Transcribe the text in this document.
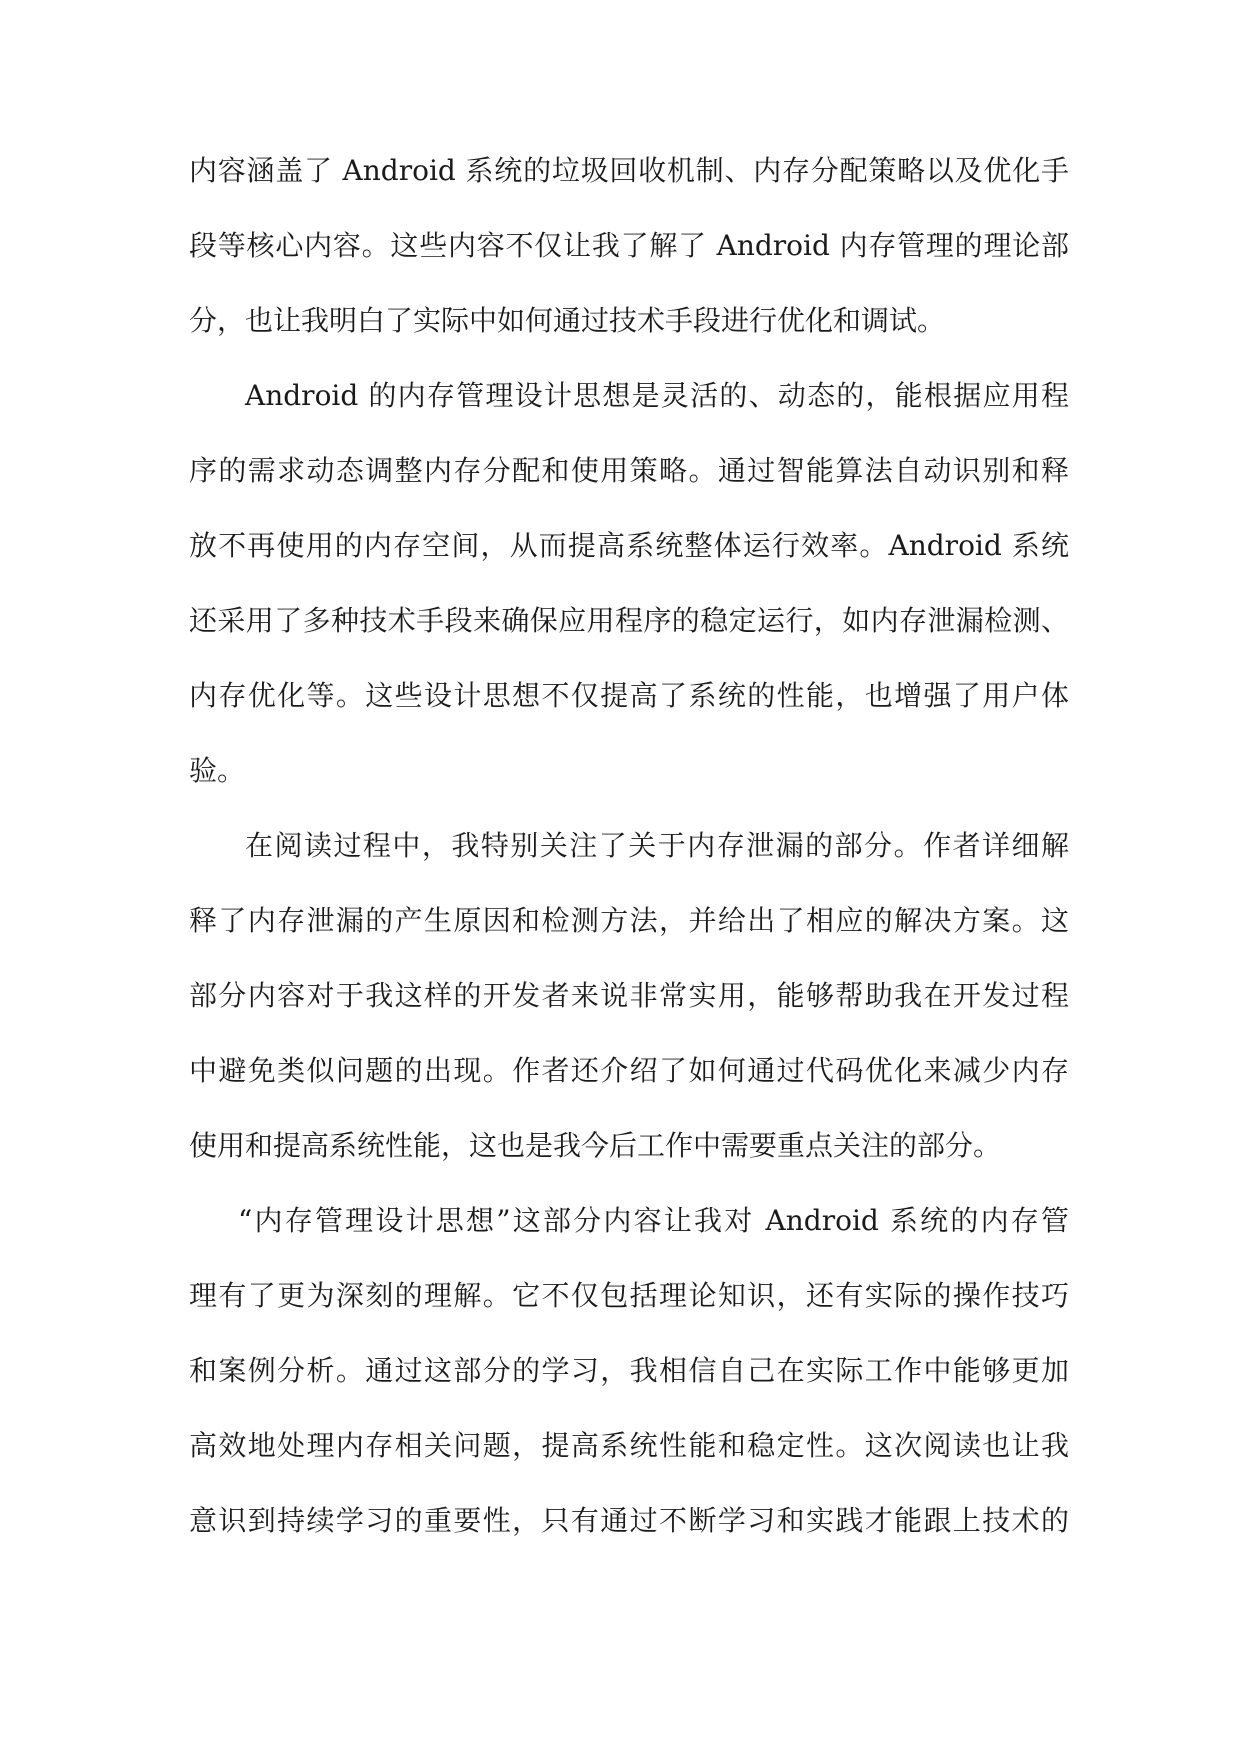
内容涵盖了 Android 系统的垃圾回收机制、内存分配策略以及优化手
段等核心内容。这些内容不仅让我了解了 Android 内存管理的理论部
分，也让我明白了实际中如何通过技术手段进行优化和调试。
Android 的内存管理设计思想是灵活的、动态的，能根据应用程
序的需求动态调整内存分配和使用策略。通过智能算法自动识别和释
放不再使用的内存空间，从而提高系统整体运行效率。Android 系统
还采用了多种技术手段来确保应用程序的稳定运行，如内存泄漏检测、
内存优化等。这些设计思想不仅提高了系统的性能，也增强了用户体
验。
在阅读过程中，我特别关注了关于内存泄漏的部分。作者详细解
释了内存泄漏的产生原因和检测方法，并给出了相应的解决方案。这
部分内容对于我这样的开发者来说非常实用，能够帮助我在开发过程
中避免类似问题的出现。作者还介绍了如何通过代码优化来减少内存
使用和提高系统性能，这也是我今后工作中需要重点关注的部分。
“内存管理设计思想”这部分内容让我对 Android 系统的内存管
理有了更为深刻的理解。它不仅包括理论知识，还有实际的操作技巧
和案例分析。通过这部分的学习，我相信自己在实际工作中能够更加
高效地处理内存相关问题，提高系统性能和稳定性。这次阅读也让我
意识到持续学习的重要性，只有通过不断学习和实践才能跟上技术的
